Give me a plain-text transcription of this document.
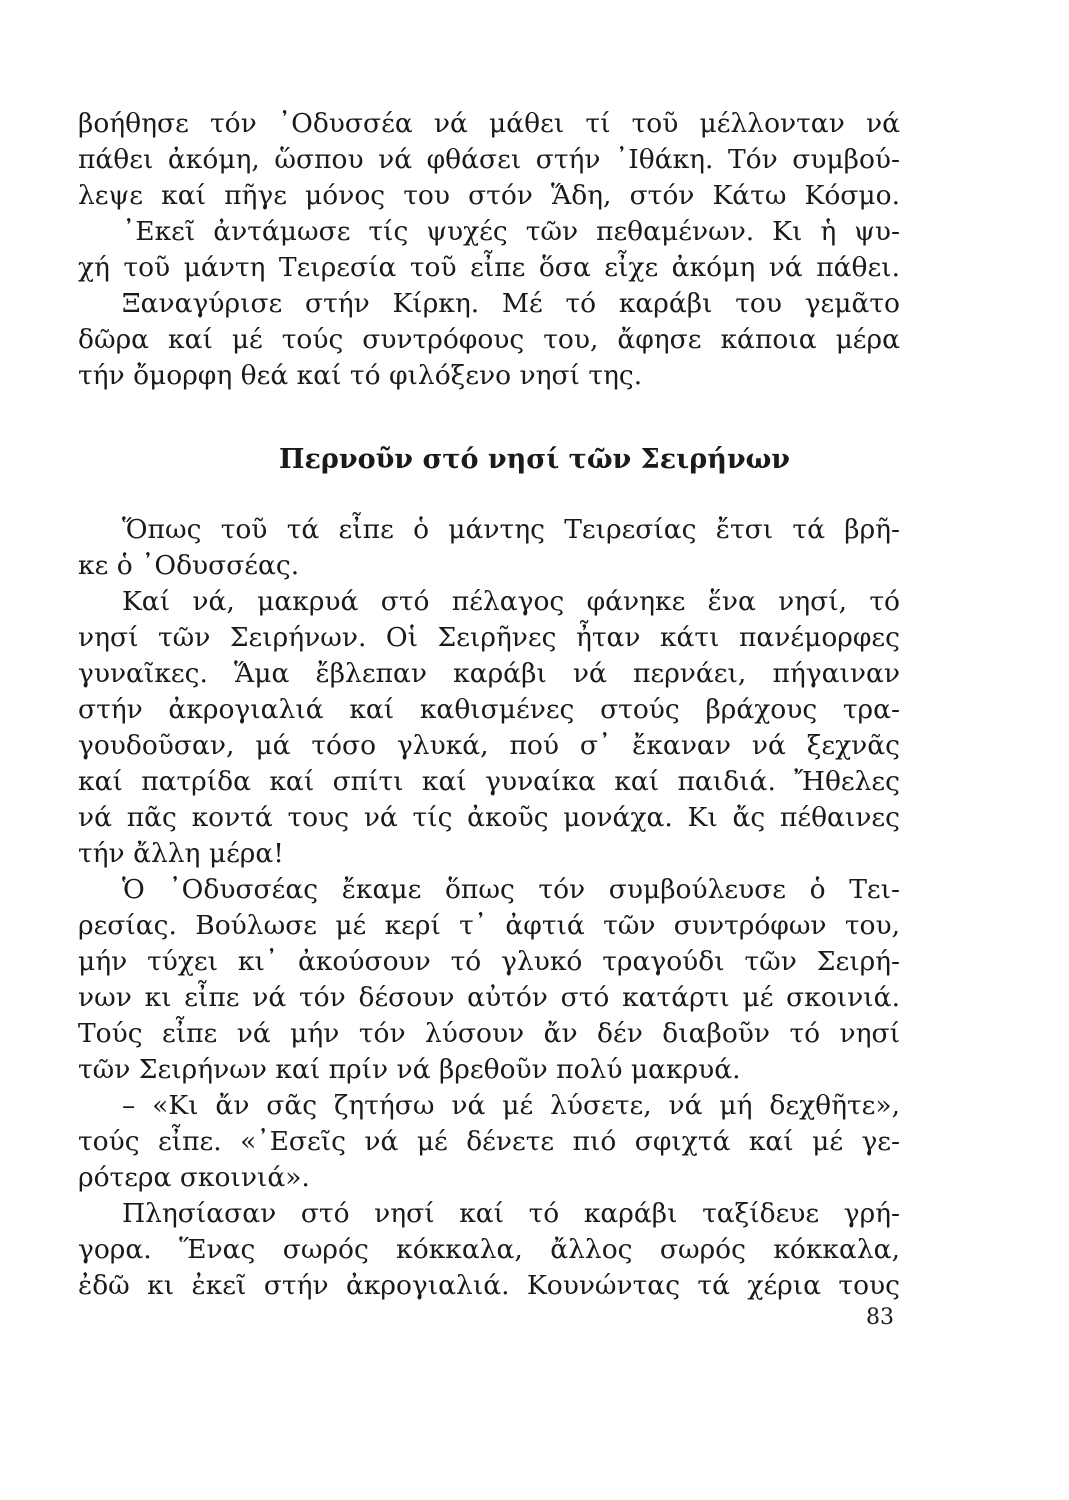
βοήθησε τόν ᾿Οδυσσέα νά μάθει τί τοῦ μέλλονταν νά
πάθει ἀκόμη, ὥσπου νά φθάσει στήν ᾿Ιθάκη. Τόν συμβού-
λεψε καί πῆγε μόνος του στόν Ἅδη, στόν Κάτω Κόσμο.
᾿Εκεῖ ἀντάμωσε τίς ψυχές τῶν πεθαμένων. Κι ἡ ψυ-
χή τοῦ μάντη Τειρεσία τοῦ εἶπε ὅσα εἶχε ἀκόμη νά πάθει.
Ξαναγύρισε στήν Κίρκη. Μέ τό καράβι του γεμᾶτο
δῶρα καί μέ τούς συντρόφους του, ἄφησε κάποια μέρα
τήν ὄμορφη θεά καί τό φιλόξενο νησί της.
Περνοῦν στό νησί τῶν Σειρήνων
Ὅπως τοῦ τά εἶπε ὁ μάντης Τειρεσίας ἔτσι τά βρῆ-
κε ὁ ᾿Οδυσσέας.
Καί νά, μακρυά στό πέλαγος φάνηκε ἕνα νησί, τό
νησί τῶν Σειρήνων. Οἱ Σειρῆνες ἦταν κάτι πανέμορφες
γυναῖκες. Ἅμα ἔβλεπαν καράβι νά περνάει, πήγαιναν
στήν ἀκρογιαλιά καί καθισμένες στούς βράχους τρα-
γουδοῦσαν, μά τόσο γλυκά, πού σ᾿ ἔκαναν νά ξεχνᾶς
καί πατρίδα καί σπίτι καί γυναίκα καί παιδιά. Ἤθελες
νά πᾶς κοντά τους νά τίς ἀκοῦς μονάχα. Κι ἄς πέθαινες
τήν ἄλλη μέρα!
Ὁ ᾿Οδυσσέας ἔκαμε ὅπως τόν συμβούλευσε ὁ Τει-
ρεσίας. Βούλωσε μέ κερί τ᾿ ἀφτιά τῶν συντρόφων του,
μήν τύχει κι᾿ ἀκούσουν τό γλυκό τραγούδι τῶν Σειρή-
νων κι εἶπε νά τόν δέσουν αὐτόν στό κατάρτι μέ σκοινιά.
Τούς εἶπε νά μήν τόν λύσουν ἄν δέν διαβοῦν τό νησί
τῶν Σειρήνων καί πρίν νά βρεθοῦν πολύ μακρυά.
– «Κι ἄν σᾶς ζητήσω νά μέ λύσετε, νά μή δεχθῆτε»,
τούς εἶπε. «᾿Εσεῖς νά μέ δένετε πιό σφιχτά καί μέ γε-
ρότερα σκοινιά».
Πλησίασαν στό νησί καί τό καράβι ταξίδευε γρή-
γορα. Ἕνας σωρός κόκκαλα, ἄλλος σωρός κόκκαλα,
ἐδῶ κι ἐκεῖ στήν ἀκρογιαλιά. Κουνώντας τά χέρια τους
83
